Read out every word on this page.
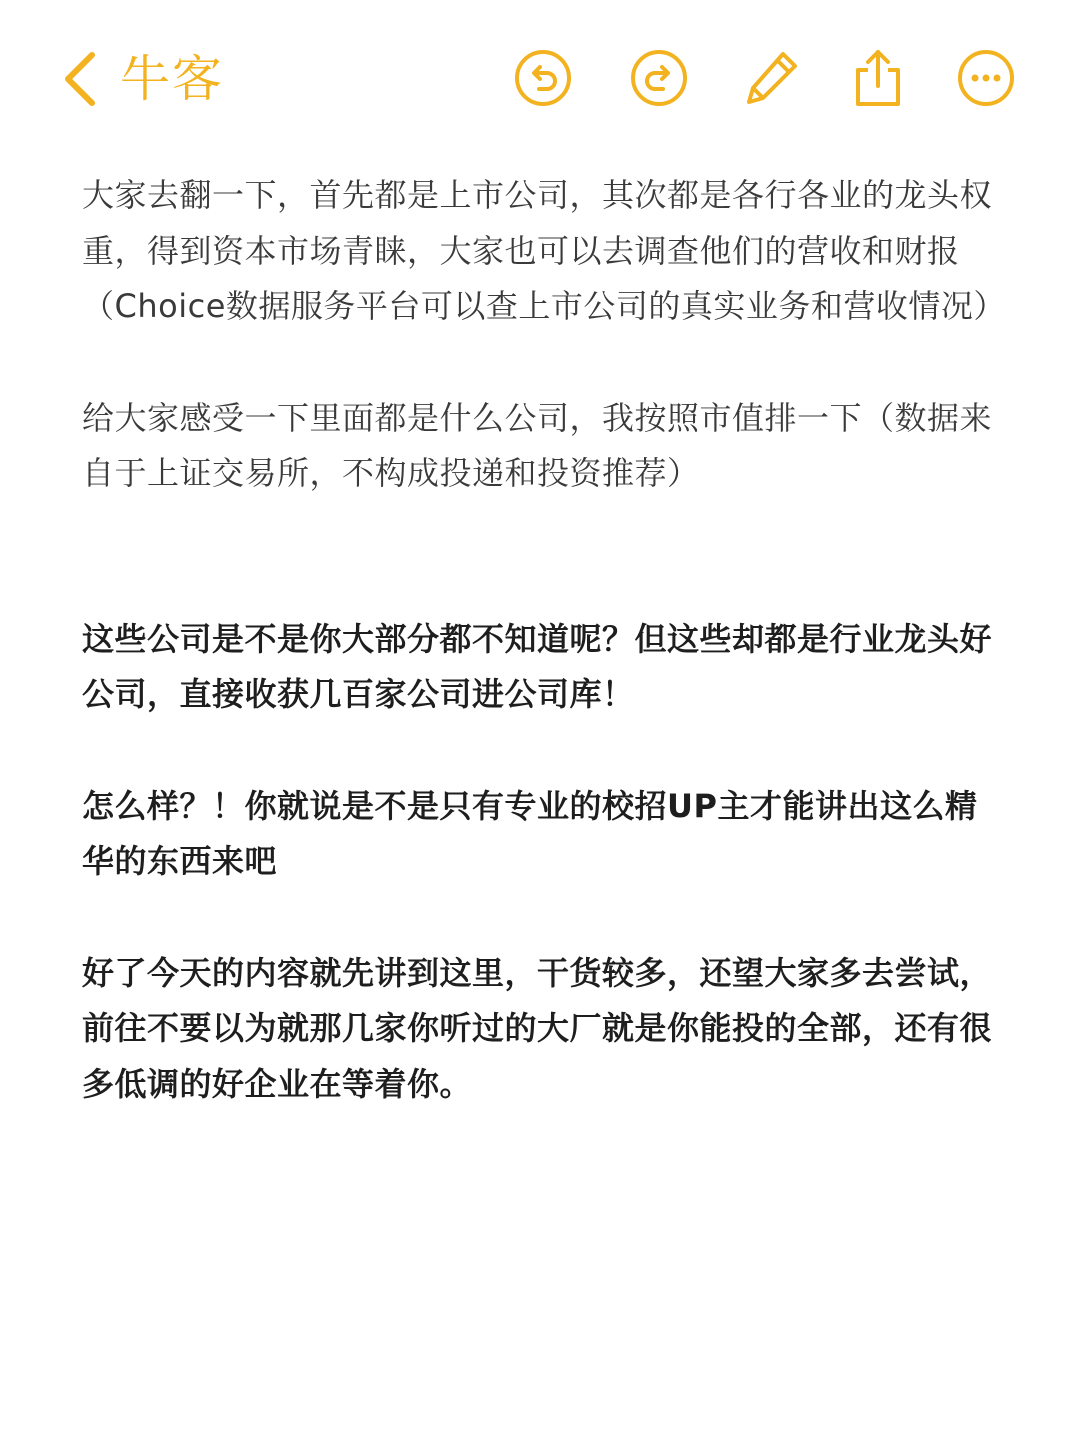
牛客

大家去翻一下，首先都是上市公司，其次都是各行各业的龙头权重，得到资本市场青睐，大家也可以去调查他们的营收和财报（Choice数据服务平台可以查上市公司的真实业务和营收情况）

给大家感受一下里面都是什么公司，我按照市值排一下（数据来自于上证交易所，不构成投递和投资推荐）

这些公司是不是你大部分都不知道呢？但这些却都是行业龙头好公司，直接收获几百家公司进公司库！

怎么样？！你就说是不是只有专业的校招UP主才能讲出这么精华的东西来吧

好了今天的内容就先讲到这里，干货较多，还望大家多去尝试，前往不要以为就那几家你听过的大厂就是你能投的全部，还有很多低调的好企业在等着你。
